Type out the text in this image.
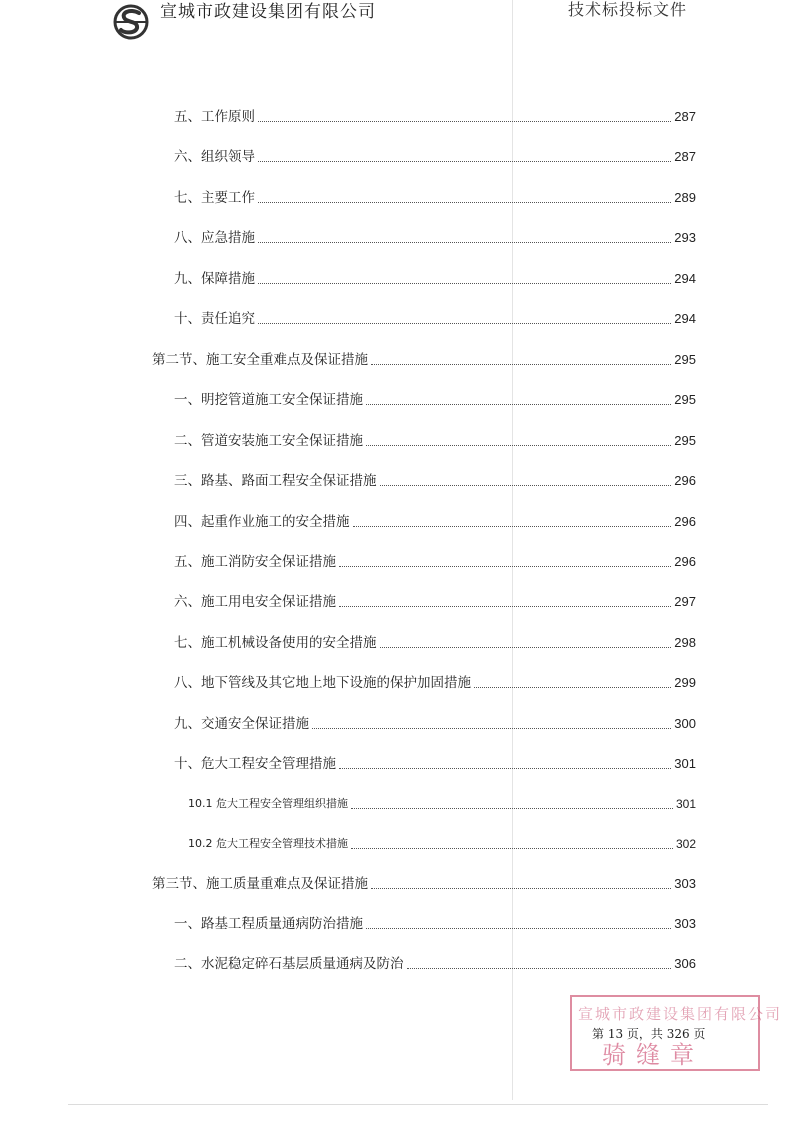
宣城市政建设集团有限公司	技术标投标文件
五、工作原则	287
六、组织领导	287
七、主要工作	289
八、应急措施	293
九、保障措施	294
十、责任追究	294
第二节、施工安全重难点及保证措施	295
一、明挖管道施工安全保证措施	295
二、管道安装施工安全保证措施	295
三、路基、路面工程安全保证措施	296
四、起重作业施工的安全措施	296
五、施工消防安全保证措施	296
六、施工用电安全保证措施	297
七、施工机械设备使用的安全措施	298
八、地下管线及其它地上地下设施的保护加固措施	299
九、交通安全保证措施	300
十、危大工程安全管理措施	301
10.1 危大工程安全管理组织措施	301
10.2 危大工程安全管理技术措施	302
第三节、施工质量重难点及保证措施	303
一、路基工程质量通病防治措施	303
二、水泥稳定碎石基层质量通病及防治	306
宣城市政建设集团有限公司
第 13 页，共 326 页
骑缝章
